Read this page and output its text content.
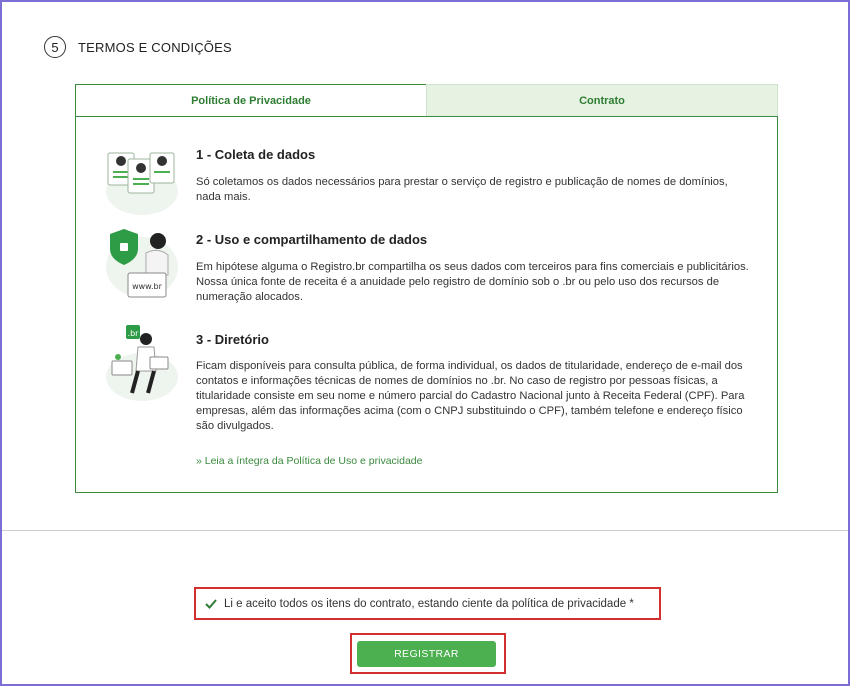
5	TERMOS E CONDIÇÕES
Política de Privacidade	Contrato
1 - Coleta de dados
Só coletamos os dados necessários para prestar o serviço de registro e publicação de nomes de domínios, nada mais.
www.br
2 - Uso e compartilhamento de dados
Em hipótese alguma o Registro.br compartilha os seus dados com terceiros para fins comerciais e publicitários. Nossa única fonte de receita é a anuidade pelo registro de domínio sob o .br ou pelo uso dos recursos de numeração alocados.
.br	3 - Diretório
Ficam disponíveis para consulta pública, de forma individual, os dados de titularidade, endereço de e-mail dos contatos e informações técnicas de nomes de domínios no .br. No caso de registro por pessoas físicas, a titularidade consiste em seu nome e número parcial do Cadastro Nacional junto à Receita Federal (CPF). Para empresas, além das informações acima (com o CNPJ substituindo o CPF), também telefone e endereço físico são divulgados.
» Leia a íntegra da Política de Uso e privacidade
Li e aceito todos os itens do contrato, estando ciente da política de privacidade *
REGISTRAR
